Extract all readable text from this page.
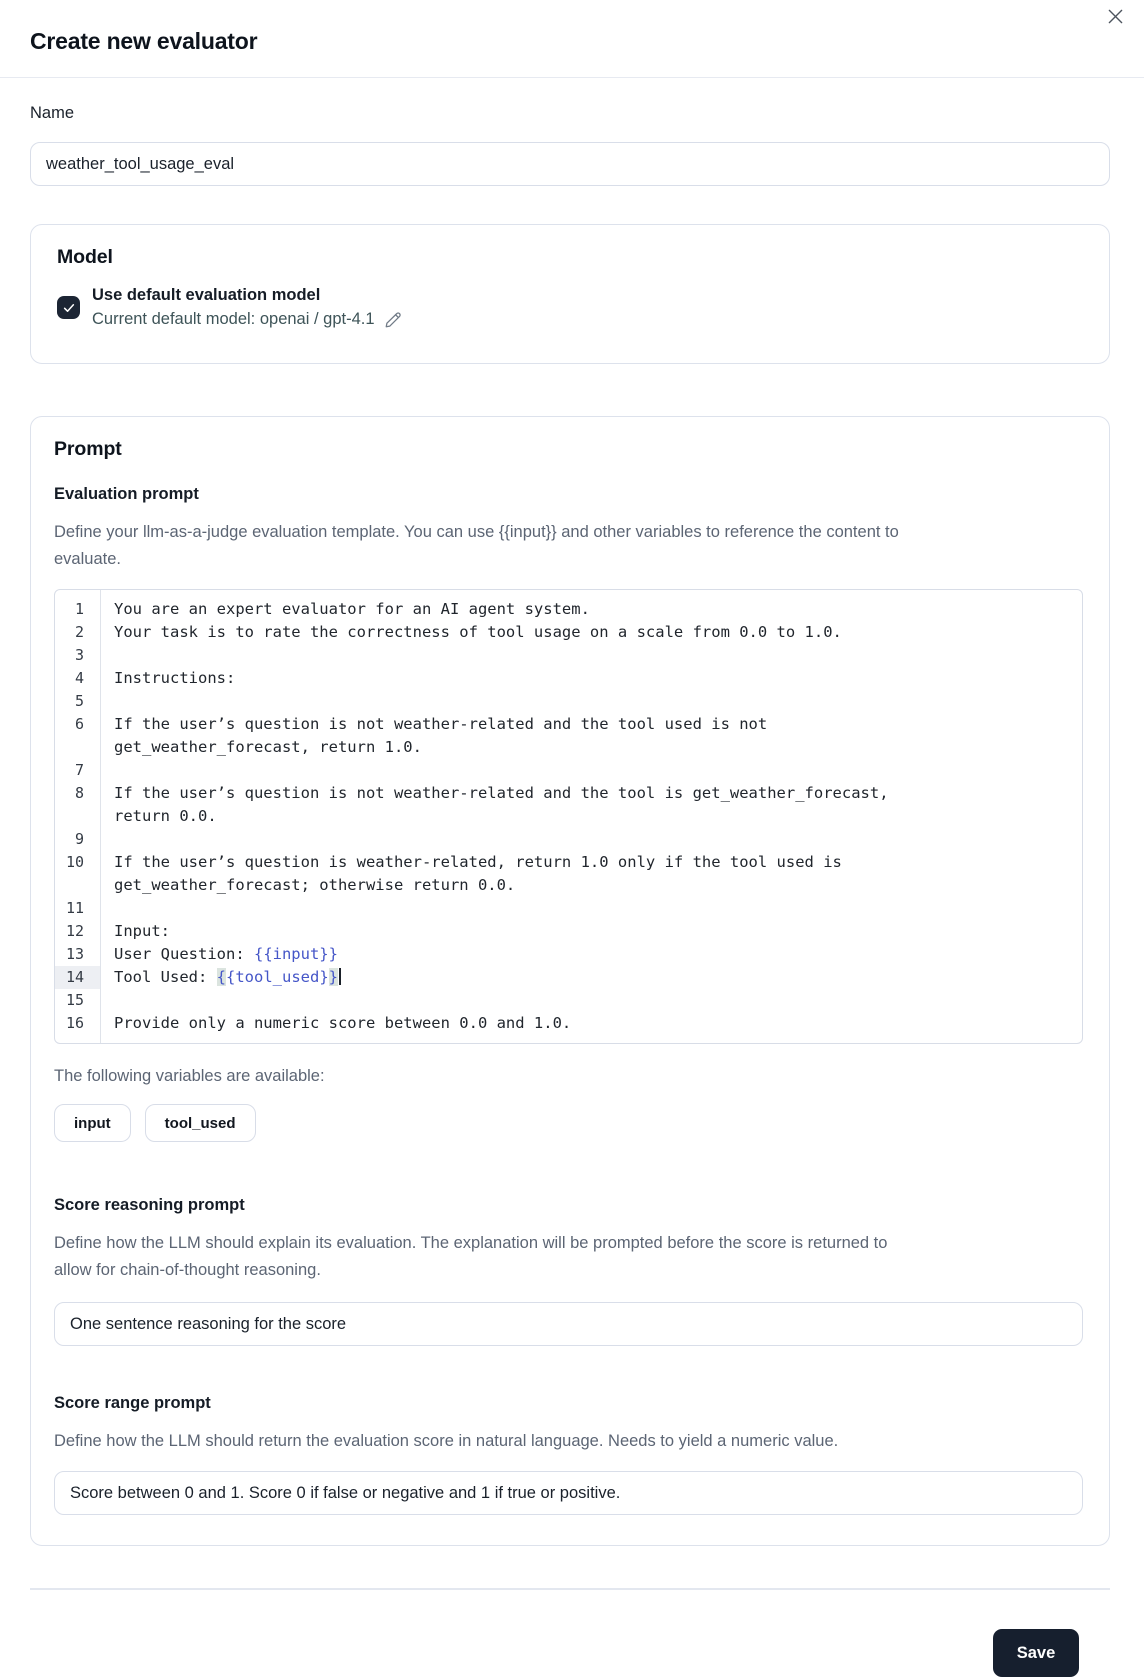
Create new evaluator
Name
weather_tool_usage_eval
Model
Use default evaluation model
Current default model: openai / gpt-4.1
Prompt
Evaluation prompt

Define your llm-as-a-judge evaluation template. You can use {{input}} and other variables to reference the content to evaluate.

1	You are an expert evaluator for an AI agent system.
2	Your task is to rate the correctness of tool usage on a scale from 0.0 to 1.0.
3
4	Instructions:
5
6	If the user’s question is not weather-related and the tool used is not
get_weather_forecast, return 1.0.
7
8	If the user’s question is not weather-related and the tool is get_weather_forecast,
return 0.0.
9
10	If the user’s question is weather-related, return 1.0 only if the tool used is
get_weather_forecast; otherwise return 0.0.
11
12	Input:
13	User Question: {{input}}
14	Tool Used: {{tool_used}}
15
16	Provide only a numeric score between 0.0 and 1.0.

The following variables are available:

input	tool_used
Score reasoning prompt

Define how the LLM should explain its evaluation. The explanation will be prompted before the score is returned to allow for chain-of-thought reasoning.

One sentence reasoning for the score
Score range prompt

Define how the LLM should return the evaluation score in natural language. Needs to yield a numeric value.

Score between 0 and 1. Score 0 if false or negative and 1 if true or positive.
Save
